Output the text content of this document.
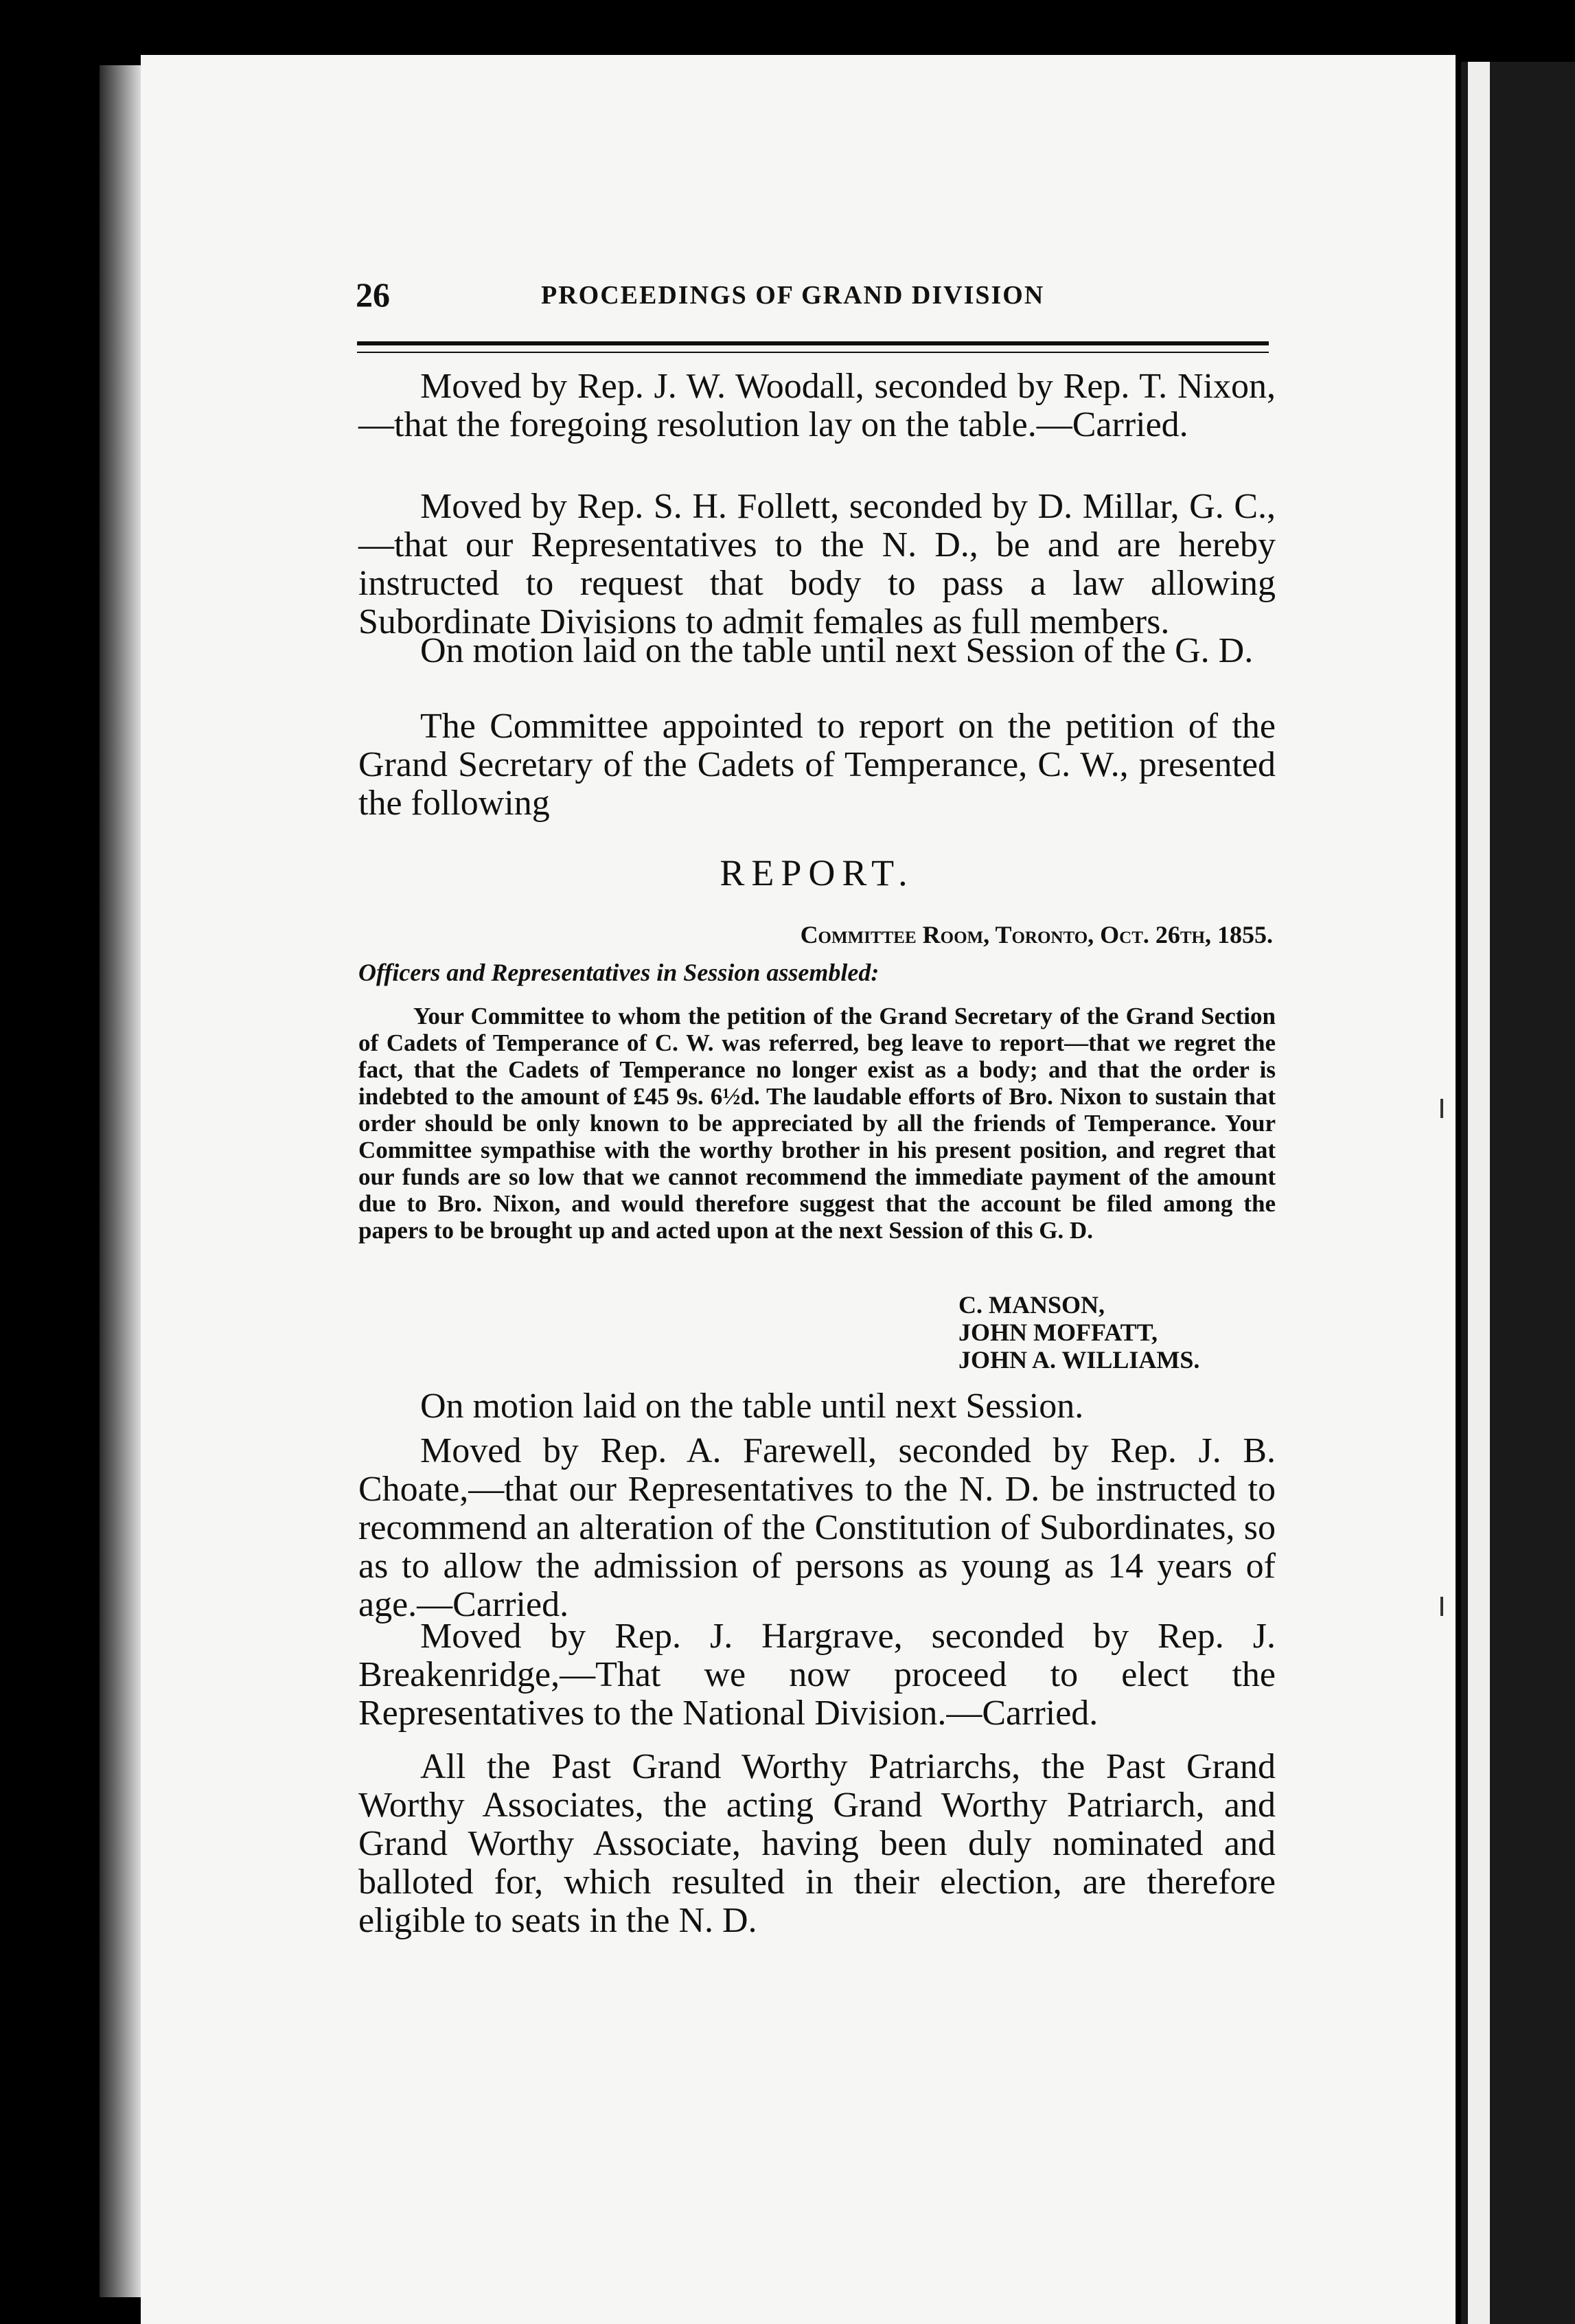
26	PROCEEDINGS OF GRAND DIVISION

Moved by Rep. J. W. Woodall, seconded by Rep. T. Nixon,—that the foregoing resolution lay on the table.—Carried.

Moved by Rep. S. H. Follett, seconded by D. Millar, G. C.,—that our Representatives to the N. D., be and are hereby instructed to request that body to pass a law allowing Subordinate Divisions to admit females as full members.

On motion laid on the table until next Session of the G. D.

The Committee appointed to report on the petition of the Grand Secretary of the Cadets of Temperance, C. W., presented the following

REPORT.
Committee Room, Toronto, Oct. 26th, 1855.
Officers and Representatives in Session assembled:

Your Committee to whom the petition of the Grand Secretary of the Grand Section of Cadets of Temperance of C. W. was referred, beg leave to report—that we regret the fact, that the Cadets of Temperance no longer exist as a body; and that the order is indebted to the amount of £45 9s. 6½d. The laudable efforts of Bro. Nixon to sustain that order should be only known to be appreciated by all the friends of Temperance. Your Committee sympathise with the worthy brother in his present position, and regret that our funds are so low that we cannot recommend the immediate payment of the amount due to Bro. Nixon, and would therefore suggest that the account be filed among the papers to be brought up and acted upon at the next Session of this G. D.

C. MANSON,
JOHN MOFFATT,
JOHN A. WILLIAMS.

On motion laid on the table until next Session.

Moved by Rep. A. Farewell, seconded by Rep. J. B. Choate,—that our Representatives to the N. D. be instructed to recommend an alteration of the Constitution of Subordinates, so as to allow the admission of persons as young as 14 years of age.—Carried.

Moved by Rep. J. Hargrave, seconded by Rep. J. Breakenridge,—That we now proceed to elect the Representatives to the National Division.—Carried.

All the Past Grand Worthy Patriarchs, the Past Grand Worthy Associates, the acting Grand Worthy Patriarch, and Grand Worthy Associate, having been duly nominated and balloted for, which resulted in their election, are therefore eligible to seats in the N. D.
